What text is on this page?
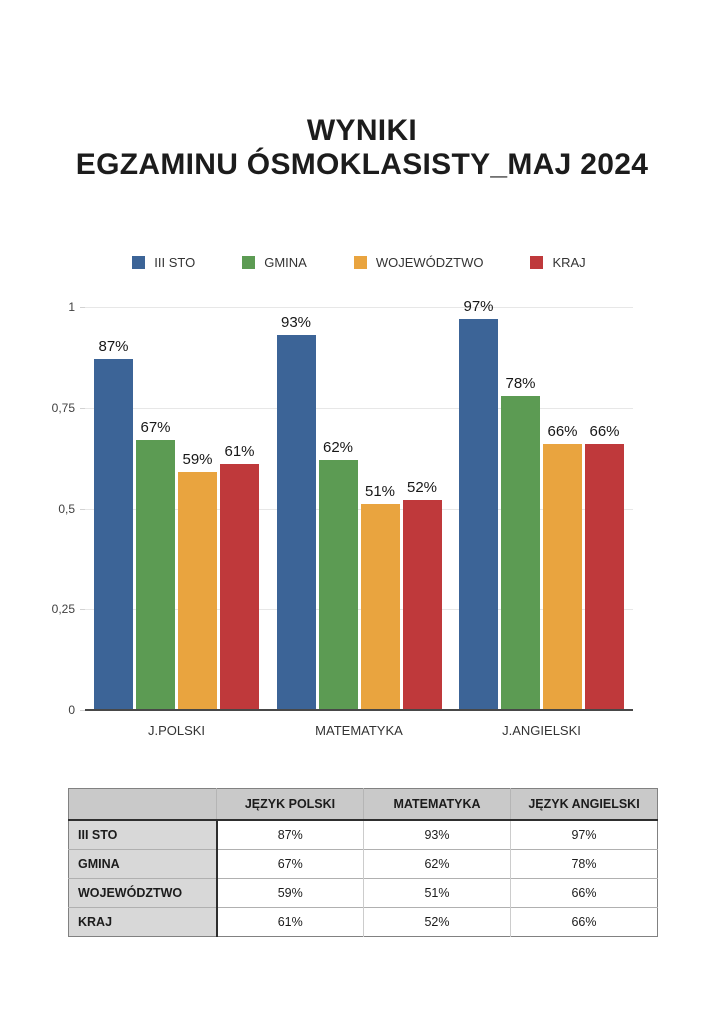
WYNIKI
EGZAMINU ÓSMOKLASISTY_MAJ 2024
III STO	GMINA	WOJEWÓDZTWO	KRAJ
1
0,75
0,5
0,25
0
87%
67%
59% 61%
J.POLSKI
93%
62%
51% 52%
MATEMATYKA
97%
78%
66% 66%
J.ANGIELSKI
	JĘZYK POLSKI	MATEMATYKA	JĘZYK ANGIELSKI
III STO	87%	93%	97%
GMINA	67%	62%	78%
WOJEWÓDZTWO	59%	51%	66%
KRAJ	61%	52%	66%
